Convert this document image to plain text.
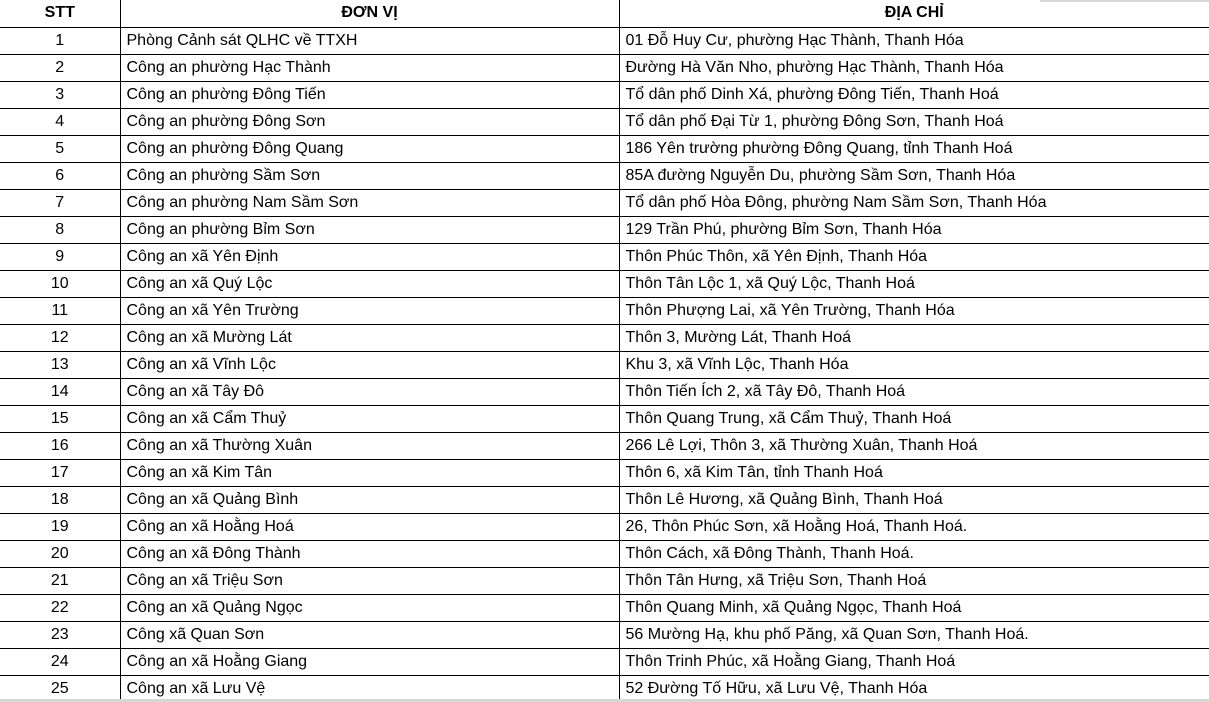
STT	ĐƠN VỊ	ĐỊA CHỈ
1	Phòng Cảnh sát QLHC về TTXH	01 Đỗ Huy Cư, phường Hạc Thành, Thanh Hóa
2	Công an phường Hạc Thành	Đường Hà Văn Nho, phường Hạc Thành, Thanh Hóa
3	Công an phường Đông Tiến	Tổ dân phố Dinh Xá, phường Đông Tiến, Thanh Hoá
4	Công an phường Đông Sơn	Tổ dân phố Đại Từ 1, phường Đông Sơn, Thanh Hoá
5	Công an phường Đông Quang	186 Yên trường phường Đông Quang, tỉnh Thanh Hoá
6	Công an phường Sầm Sơn	85A đường Nguyễn Du, phường Sầm Sơn, Thanh Hóa
7	Công an phường Nam Sầm Sơn	Tổ dân phố Hòa Đông, phường Nam Sầm Sơn, Thanh Hóa
8	Công an phường Bỉm Sơn	129 Trần Phú, phường Bỉm Sơn, Thanh Hóa
9	Công an xã Yên Định	Thôn Phúc Thôn, xã Yên Định, Thanh Hóa
10	Công an xã Quý Lộc	Thôn Tân Lộc 1, xã Quý Lộc, Thanh Hoá
11	Công an xã Yên Trường	Thôn Phượng Lai, xã Yên Trường, Thanh Hóa
12	Công an xã Mường Lát	Thôn 3, Mường Lát, Thanh Hoá
13	Công an xã Vĩnh Lộc	Khu 3, xã Vĩnh Lộc, Thanh Hóa
14	Công an xã Tây Đô	Thôn Tiến Ích 2, xã Tây Đô, Thanh Hoá
15	Công an xã Cẩm Thuỷ	Thôn Quang Trung, xã Cẩm Thuỷ, Thanh Hoá
16	Công an xã Thường Xuân	266 Lê Lợi, Thôn 3, xã Thường Xuân, Thanh Hoá
17	Công an xã Kim Tân	Thôn 6, xã Kim Tân, tỉnh Thanh Hoá
18	Công an xã Quảng Bình	Thôn Lê Hương, xã Quảng Bình, Thanh Hoá
19	Công an xã Hoằng Hoá	26, Thôn Phúc Sơn, xã Hoằng Hoá, Thanh Hoá.
20	Công an xã Đông Thành	Thôn Cách, xã Đông Thành, Thanh Hoá.
21	Công an xã Triệu Sơn	Thôn Tân Hưng, xã Triệu Sơn, Thanh Hoá
22	Công an xã Quảng Ngọc	Thôn Quang Minh, xã Quảng Ngọc, Thanh Hoá
23	Công xã Quan Sơn	56 Mường Hạ, khu phố Păng, xã Quan Sơn, Thanh Hoá.
24	Công an xã Hoằng Giang	Thôn Trinh Phúc, xã Hoằng Giang, Thanh Hoá
25	Công an xã Lưu Vệ	52 Đường Tố Hữu, xã Lưu Vệ, Thanh Hóa
